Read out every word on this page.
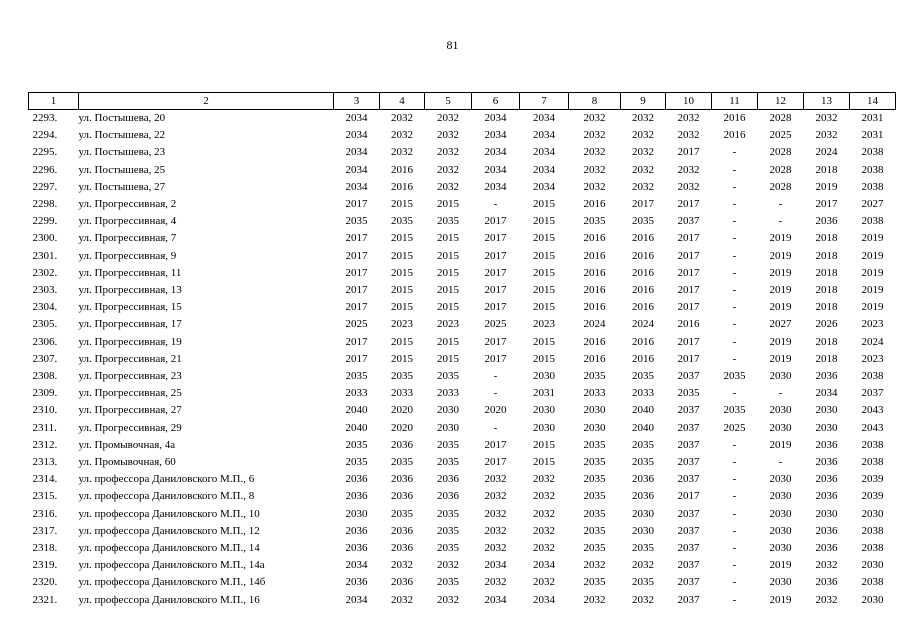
81
1	2	3	4	5	6	7	8	9	10	11	12	13	14
2293.	ул. Постышева, 20	2034	2032	2032	2034	2034	2032	2032	2032	2016	2028	2032	2031
2294.	ул. Постышева, 22	2034	2032	2032	2034	2034	2032	2032	2032	2016	2025	2032	2031
2295.	ул. Постышева, 23	2034	2032	2032	2034	2034	2032	2032	2017	-	2028	2024	2038
2296.	ул. Постышева, 25	2034	2016	2032	2034	2034	2032	2032	2032	-	2028	2018	2038
2297.	ул. Постышева, 27	2034	2016	2032	2034	2034	2032	2032	2032	-	2028	2019	2038
2298.	ул. Прогрессивная, 2	2017	2015	2015	-	2015	2016	2017	2017	-	-	2017	2027
2299.	ул. Прогрессивная, 4	2035	2035	2035	2017	2015	2035	2035	2037	-	-	2036	2038
2300.	ул. Прогрессивная, 7	2017	2015	2015	2017	2015	2016	2016	2017	-	2019	2018	2019
2301.	ул. Прогрессивная, 9	2017	2015	2015	2017	2015	2016	2016	2017	-	2019	2018	2019
2302.	ул. Прогрессивная, 11	2017	2015	2015	2017	2015	2016	2016	2017	-	2019	2018	2019
2303.	ул. Прогрессивная, 13	2017	2015	2015	2017	2015	2016	2016	2017	-	2019	2018	2019
2304.	ул. Прогрессивная, 15	2017	2015	2015	2017	2015	2016	2016	2017	-	2019	2018	2019
2305.	ул. Прогрессивная, 17	2025	2023	2023	2025	2023	2024	2024	2016	-	2027	2026	2023
2306.	ул. Прогрессивная, 19	2017	2015	2015	2017	2015	2016	2016	2017	-	2019	2018	2024
2307.	ул. Прогрессивная, 21	2017	2015	2015	2017	2015	2016	2016	2017	-	2019	2018	2023
2308.	ул. Прогрессивная, 23	2035	2035	2035	-	2030	2035	2035	2037	2035	2030	2036	2038
2309.	ул. Прогрессивная, 25	2033	2033	2033	-	2031	2033	2033	2035	-	-	2034	2037
2310.	ул. Прогрессивная, 27	2040	2020	2030	2020	2030	2030	2040	2037	2035	2030	2030	2043
2311.	ул. Прогрессивная, 29	2040	2020	2030	-	2030	2030	2040	2037	2025	2030	2030	2043
2312.	ул. Промывочная, 4а	2035	2036	2035	2017	2015	2035	2035	2037	-	2019	2036	2038
2313.	ул. Промывочная, 60	2035	2035	2035	2017	2015	2035	2035	2037	-	-	2036	2038
2314.	ул. профессора Даниловского М.П., 6	2036	2036	2036	2032	2032	2035	2036	2037	-	2030	2036	2039
2315.	ул. профессора Даниловского М.П., 8	2036	2036	2036	2032	2032	2035	2036	2017	-	2030	2036	2039
2316.	ул. профессора Даниловского М.П., 10	2030	2035	2035	2032	2032	2035	2030	2037	-	2030	2030	2030
2317.	ул. профессора Даниловского М.П., 12	2036	2036	2035	2032	2032	2035	2030	2037	-	2030	2036	2038
2318.	ул. профессора Даниловского М.П., 14	2036	2036	2035	2032	2032	2035	2035	2037	-	2030	2036	2038
2319.	ул. профессора Даниловского М.П., 14а	2034	2032	2032	2034	2034	2032	2032	2037	-	2019	2032	2030
2320.	ул. профессора Даниловского М.П., 14б	2036	2036	2035	2032	2032	2035	2035	2037	-	2030	2036	2038
2321.	ул. профессора Даниловского М.П., 16	2034	2032	2032	2034	2034	2032	2032	2037	-	2019	2032	2030
